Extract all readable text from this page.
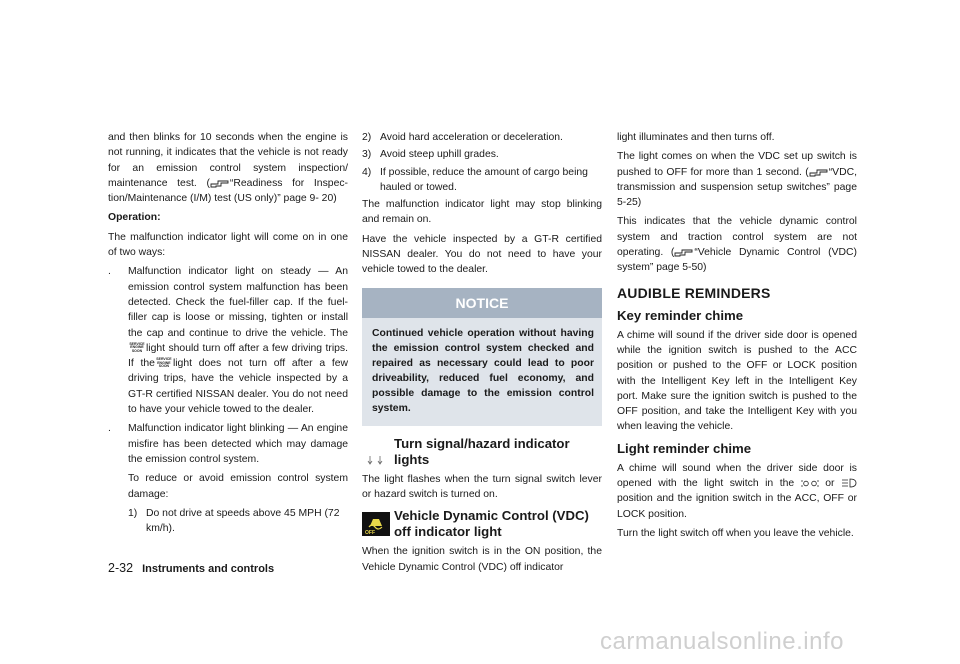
and then blinks for 10 seconds when the engine is not running, it indicates that the vehicle is not ready for an emission control system inspection/ maintenance test. ( “Readiness for Inspec- tion/Maintenance (I/M) test (US only)” page 9- 20)

Operation:

The malfunction indicator light will come on in one of two ways:

.	Malfunction indicator light on steady — An emission control system malfunction has been detected. Check the fuel-filler cap. If the fuel-filler cap is loose or missing, tighten or install the cap and continue to drive the vehicle. The
SERVICE
ENGINE
SOON light should turn off after a few driving trips. If the SERVICE
ENGINE
SOON light does not turn off after a few driving trips, have the vehicle inspected by a GT-R certified NISSAN dealer. You do not need to have your vehicle towed to the dealer.
.	Malfunction indicator light blinking — An engine misfire has been detected which may damage the emission control system.

To reduce or avoid emission control system damage:

1) Do not drive at speeds above 45 MPH (72 km/h).
2) Avoid hard acceleration or deceleration.
3) Avoid steep uphill grades.
4) If possible, reduce the amount of cargo being hauled or towed.

The malfunction indicator light may stop blinking and remain on.

Have the vehicle inspected by a GT-R certified NISSAN dealer. You do not need to have your vehicle towed to the dealer.

NOTICE
Continued vehicle operation without having the emission control system checked and repaired as necessary could lead to poor driveability, reduced fuel economy, and possible damage to the emission control system.
Turn signal/hazard indicator lights

The light flashes when the turn signal switch lever or hazard switch is turned on.

OFF
Vehicle Dynamic Control (VDC) off indicator light

When the ignition switch is in the ON position, the Vehicle Dynamic Control (VDC) off indicator

light illuminates and then turns off.

The light comes on when the VDC set up switch is pushed to OFF for more than 1 second. ( “VDC, transmission and suspension setup switches” page 5-25)

This indicates that the vehicle dynamic control system and traction control system are not operating. ( “Vehicle Dynamic Control (VDC) system” page 5-50)

AUDIBLE REMINDERS
Key reminder chime

A chime will sound if the driver side door is opened while the ignition switch is pushed to the ACC position or pushed to the OFF or LOCK position with the Intelligent Key left in the Intelligent Key port. Make sure the ignition switch is pushed to the OFF position, and take the Intelligent Key with you when leaving the vehicle.

Light reminder chime

A chime will sound when the driver side door is opened with the light switch in the	or  position and the ignition switch in the ACC, OFF or LOCK position.

Turn the light switch off when you leave the vehicle.

2-32 Instruments and controls
carmanualsonline.info
